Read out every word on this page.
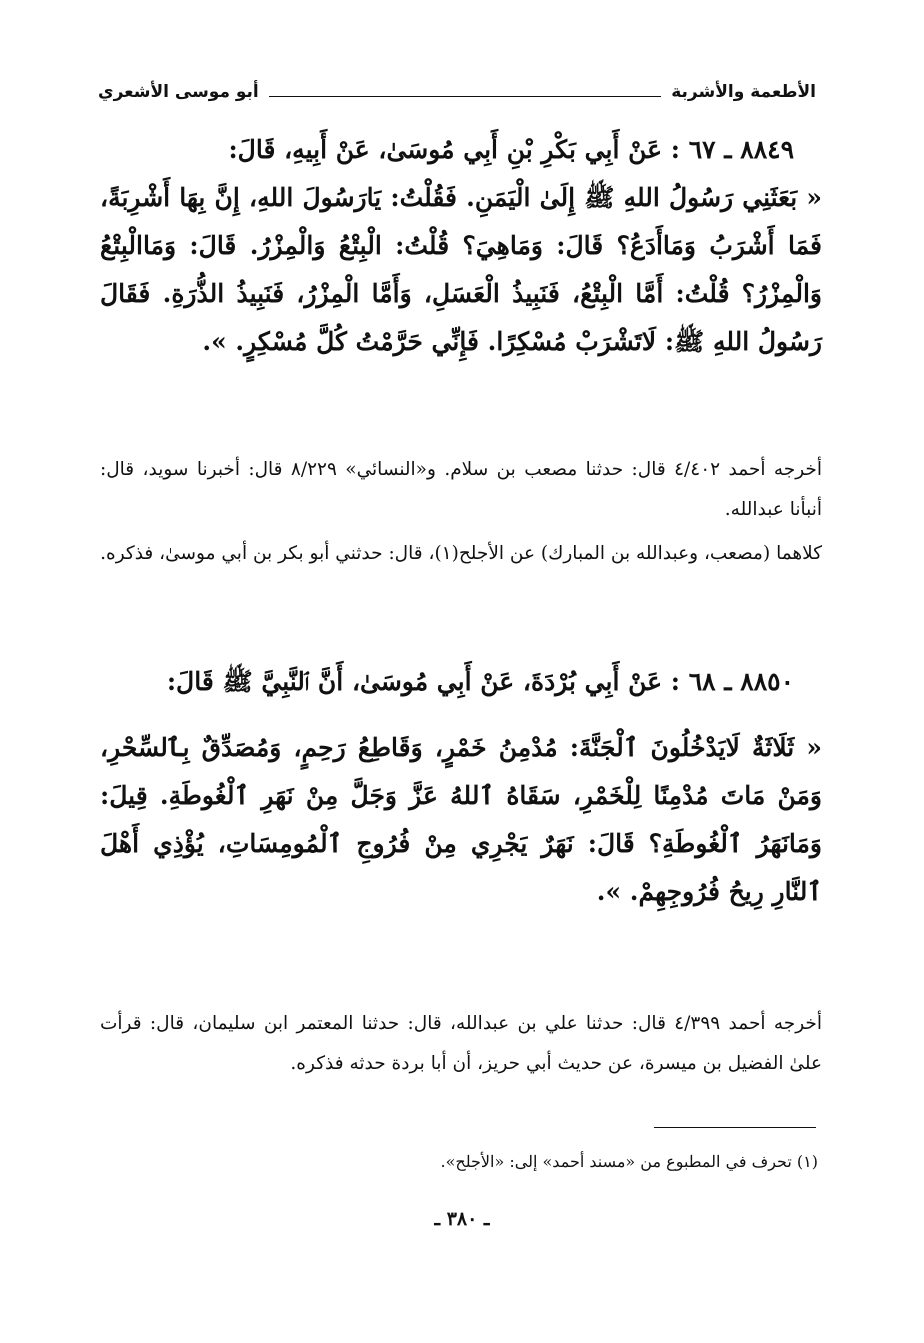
الأطعمة والأشربة
أبو موسى الأشعري
٨٨٤٩ ـ ٦٧ : عَنْ أَبِي بَكْرِ بْنِ أَبِي مُوسَىٰ، عَنْ أَبِيهِ، قَالَ:
« بَعَثَنِي رَسُولُ اللهِ ﷺ إِلَىٰ الْيَمَنِ. فَقُلْتُ: يَارَسُولَ اللهِ، إِنَّ بِهَا أَشْرِبَةً، فَمَا أَشْرَبُ وَمَاأَدَعُ؟ قَالَ: وَمَاهِيَ؟ قُلْتُ: الْبِتْعُ وَالْمِزْرُ. قَالَ: وَمَاالْبِتْعُ وَالْمِزْرُ؟ قُلْتُ: أَمَّا الْبِتْعُ، فَنَبِيذُ الْعَسَلِ، وَأَمَّا الْمِزْرُ، فَنَبِيذُ الذُّرَةِ. فَقَالَ رَسُولُ اللهِ ﷺ: لَاتَشْرَبْ مُسْكِرًا. فَإِنِّي حَرَّمْتُ كُلَّ مُسْكِرٍ. ».
أخرجه أحمد ٤/٤٠٢ قال: حدثنا مصعب بن سلام. و«النسائي» ٨/٢٢٩ قال: أخبرنا سويد، قال: أنبأنا عبدالله.
كلاهما (مصعب، وعبدالله بن المبارك) عن الأجلح(١)، قال: حدثني أبو بكر بن أبي موسىٰ، فذكره.
٨٨٥٠ ـ ٦٨ : عَنْ أَبِي بُرْدَةَ، عَنْ أَبِي مُوسَىٰ، أَنَّ ٱلنَّبِيَّ ﷺ قَالَ:
« ثَلَاثَةٌ لَايَدْخُلُونَ ٱلْجَنَّةَ: مُدْمِنُ خَمْرٍ، وَقَاطِعُ رَحِمٍ، وَمُصَدِّقٌ بِٱلسِّحْرِ، وَمَنْ مَاتَ مُدْمِنًا لِلْخَمْرِ، سَقَاهُ ٱللهُ عَزَّ وَجَلَّ مِنْ نَهَرِ ٱلْغُوطَةِ. قِيلَ: وَمَانَهَرُ ٱلْغُوطَةِ؟ قَالَ: نَهَرٌ يَجْرِي مِنْ فُرُوجِ ٱلْمُومِسَاتِ، يُؤْذِي أَهْلَ ٱلنَّارِ رِيحُ فُرُوجِهِمْ. ».
أخرجه أحمد ٤/٣٩٩ قال: حدثنا علي بن عبدالله، قال: حدثنا المعتمر ابن سليمان، قال: قرأت علىٰ الفضيل بن ميسرة، عن حديث أبي حريز، أن أبا بردة حدثه فذكره.
(١) تحرف في المطبوع من «مسند أحمد» إلى: «الأجلح».
ـ ٣٨٠ ـ
